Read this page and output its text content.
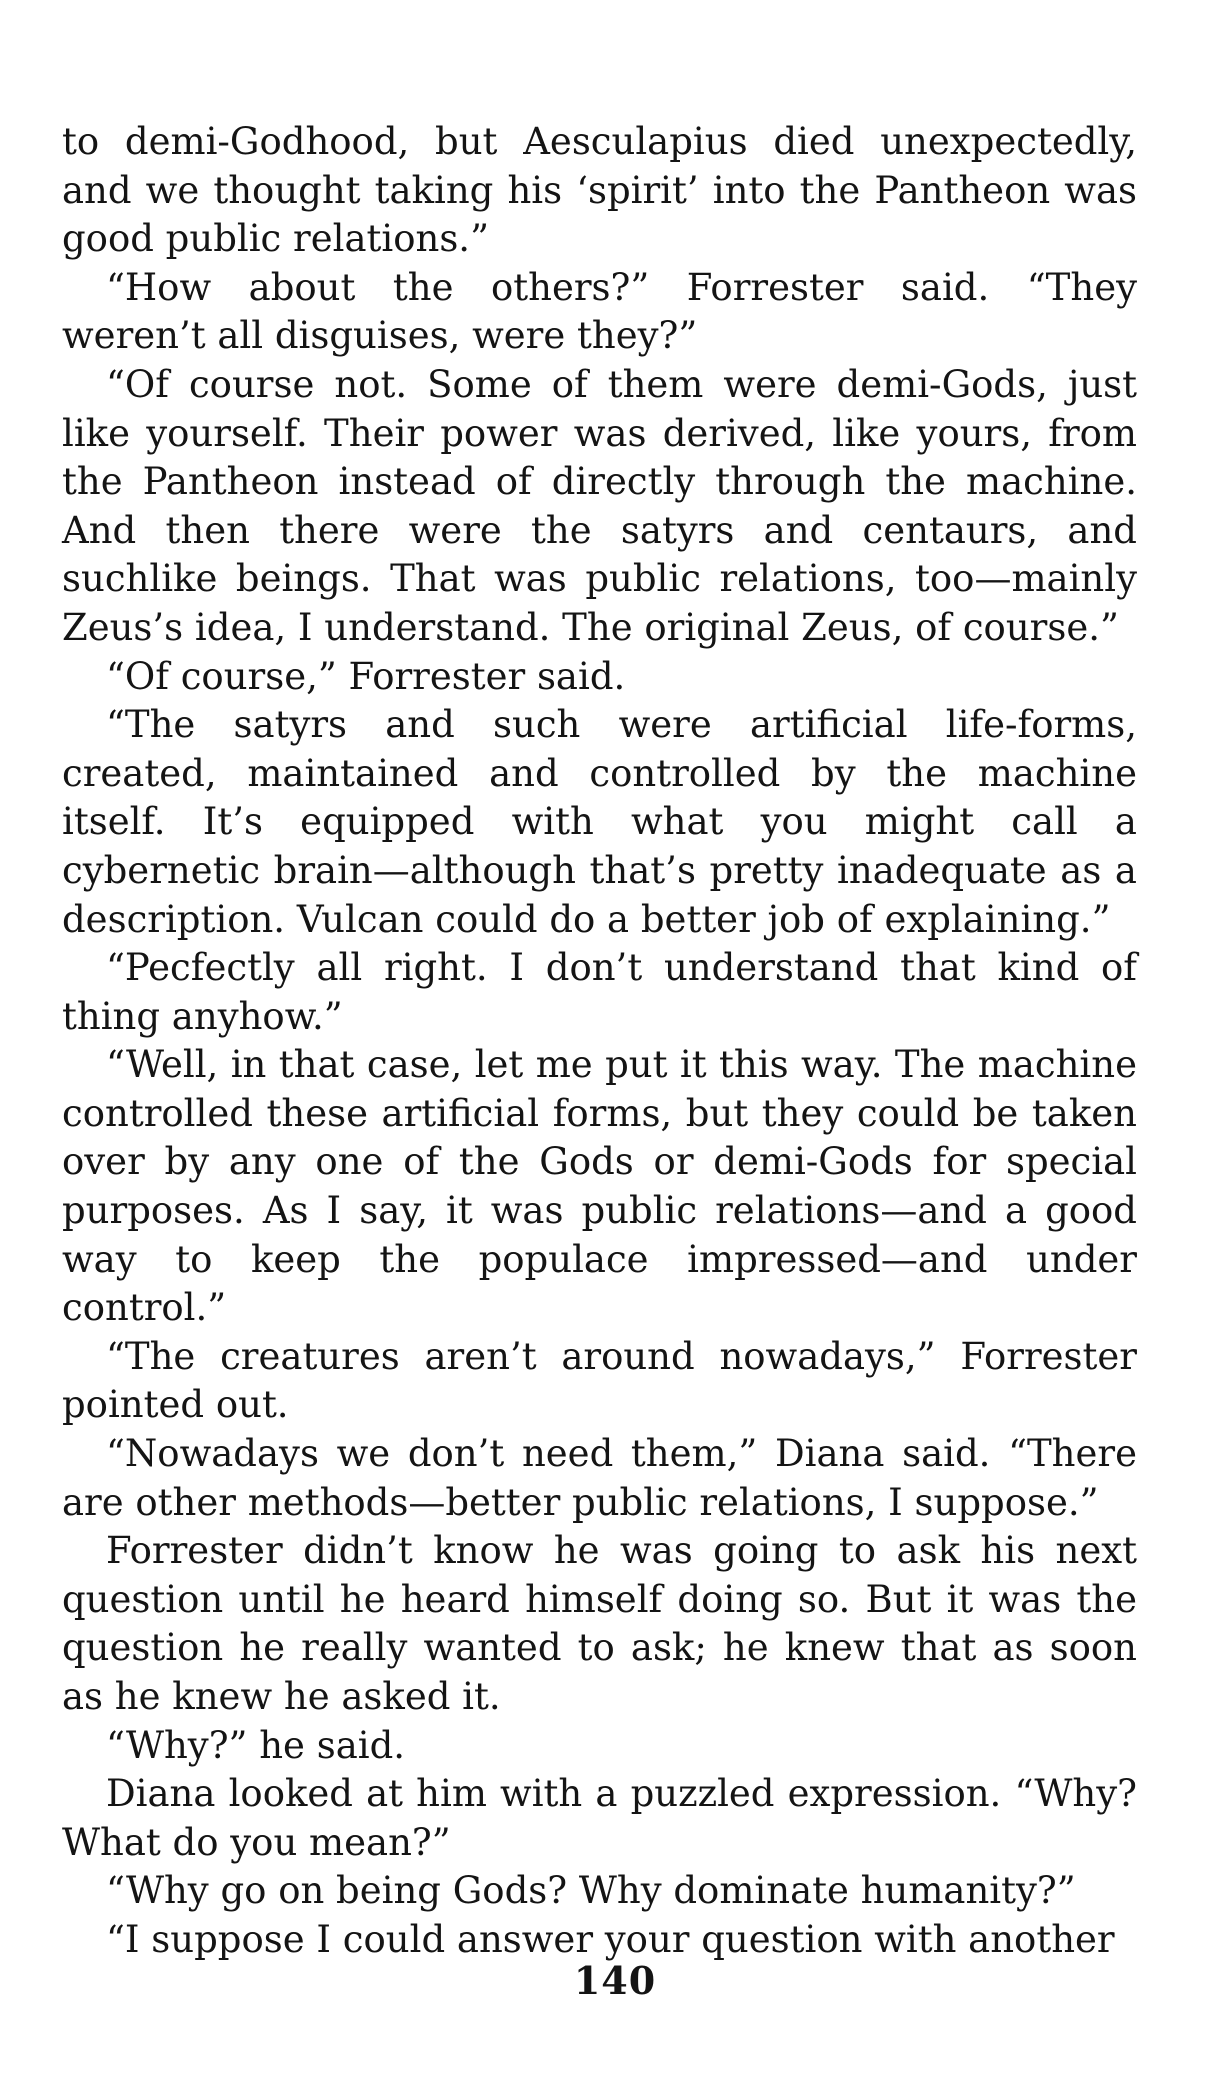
to demi-Godhood, but Aesculapius died unexpectedly, and we thought taking his ‘spirit’ into the Pantheon was good public relations.”

“How about the others?” Forrester said. “They weren’t all disguises, were they?”

“Of course not. Some of them were demi-Gods, just like yourself. Their power was derived, like yours, from the Pantheon instead of directly through the machine. And then there were the satyrs and centaurs, and suchlike beings. That was public relations, too—mainly Zeus’s idea, I understand. The original Zeus, of course.”

“Of course,” Forrester said.

“The satyrs and such were artificial life-forms, created, maintained and controlled by the machine itself. It’s equipped with what you might call a cybernetic brain—although that’s pretty inadequate as a description. Vulcan could do a better job of explaining.”

“Pecfectly all right. I don’t understand that kind of thing anyhow.”

“Well, in that case, let me put it this way. The machine controlled these artificial forms, but they could be taken over by any one of the Gods or demi-Gods for special purposes. As I say, it was public relations—and a good way to keep the populace impressed—and under control.”

“The creatures aren’t around nowadays,” Forrester pointed out.

“Nowadays we don’t need them,” Diana said. “There are other methods—better public relations, I suppose.”

Forrester didn’t know he was going to ask his next question until he heard himself doing so. But it was the question he really wanted to ask; he knew that as soon as he knew he asked it.

“Why?” he said.

Diana looked at him with a puzzled expression. “Why? What do you mean?”

“Why go on being Gods? Why dominate humanity?”

“I suppose I could answer your question with another

140
